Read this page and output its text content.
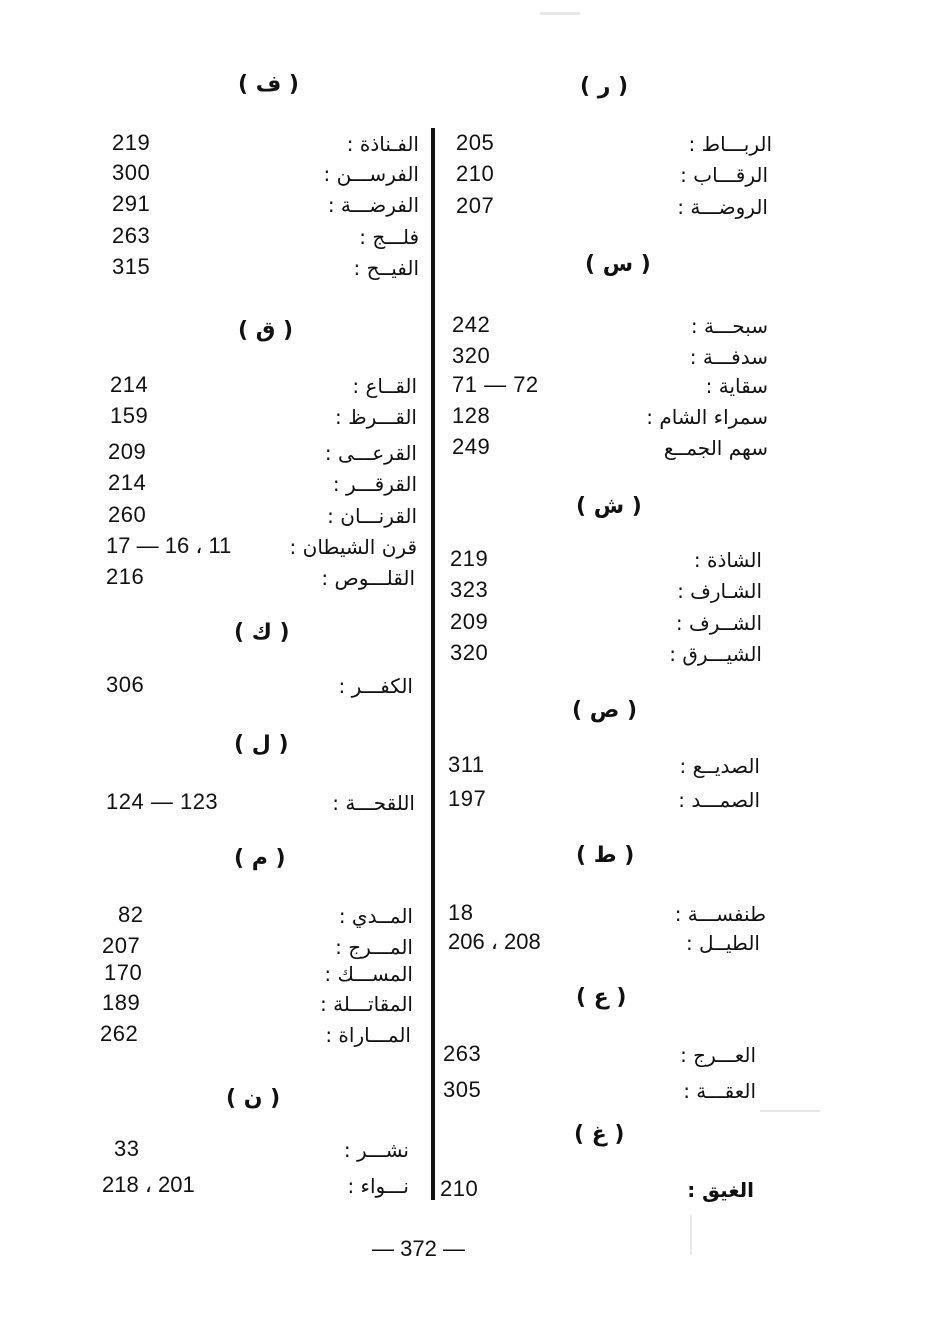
( ر )
الربـــاط :
205
الرقـــاب :
210
الروضـــة :
207
( س )
سبحـــة :
242
سدفـــة :
320
سقاية :
71 — 72
سمراء الشام :
128
سهم الجمــع
249
( ش )
الشاذة :
219
الشـارف :
323
الشــرف :
209
الشيـــرق :
320
( ص )
الصديــع :
311
الصمـــد :
197
( ط )
طنفســـة :
18
الطيــل :
206 ، 208
( ع )
العـــرج :
263
العقـــة :
305
( غ )
الغيق :
210
( ف )
الفـناذة :
219
الفرســـن :
300
الفرضـــة :
291
فلـــج :
263
الفيــح :
315
( ق )
القــاع :
214
القـــرظ :
159
القرعـــى :
209
القرقـــر :
214
القرنـــان :
260
قرن الشيطان :
11 ، 16 — 17
القلـــوص :
216
( ك )
الكفـــر :
306
( ل )
اللقحـــة :
123 — 124
( م )
المــدي :
82
المـــرج :
207
المســـك :
170
المقاتـــلة :
189
المـــاراة :
262
( ن )
نشـــر :
33
نـــواء :
201 ، 218
— 372 —
